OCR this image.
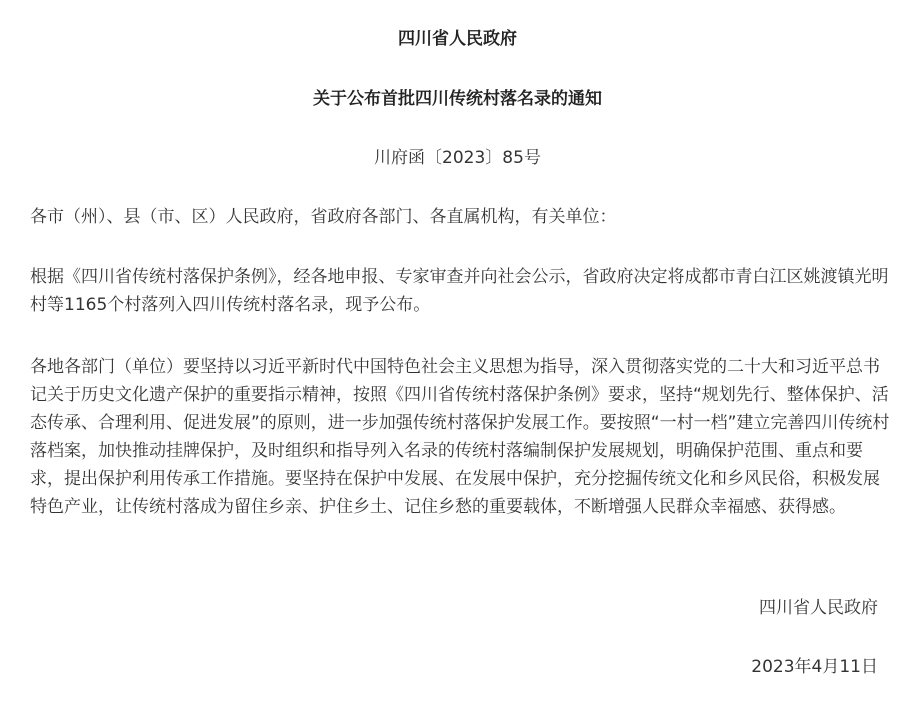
四川省人民政府
关于公布首批四川传统村落名录的通知
川府函〔2023〕85号

各市（州）、县（市、区）人民政府，省政府各部门、各直属机构，有关单位：

根据《四川省传统村落保护条例》，经各地申报、专家审查并向社会公示，省政府决定将成都市青白江区姚渡镇光明村等1165个村落列入四川传统村落名录，现予公布。

各地各部门（单位）要坚持以习近平新时代中国特色社会主义思想为指导，深入贯彻落实党的二十大和习近平总书记关于历史文化遗产保护的重要指示精神，按照《四川省传统村落保护条例》要求，坚持“规划先行、整体保护、活态传承、合理利用、促进发展”的原则，进一步加强传统村落保护发展工作。要按照“一村一档”建立完善四川传统村落档案，加快推动挂牌保护，及时组织和指导列入名录的传统村落编制保护发展规划，明确保护范围、重点和要求，提出保护利用传承工作措施。要坚持在保护中发展、在发展中保护，充分挖掘传统文化和乡风民俗，积极发展特色产业，让传统村落成为留住乡亲、护住乡土、记住乡愁的重要载体，不断增强人民群众幸福感、获得感。

四川省人民政府
2023年4月11日
